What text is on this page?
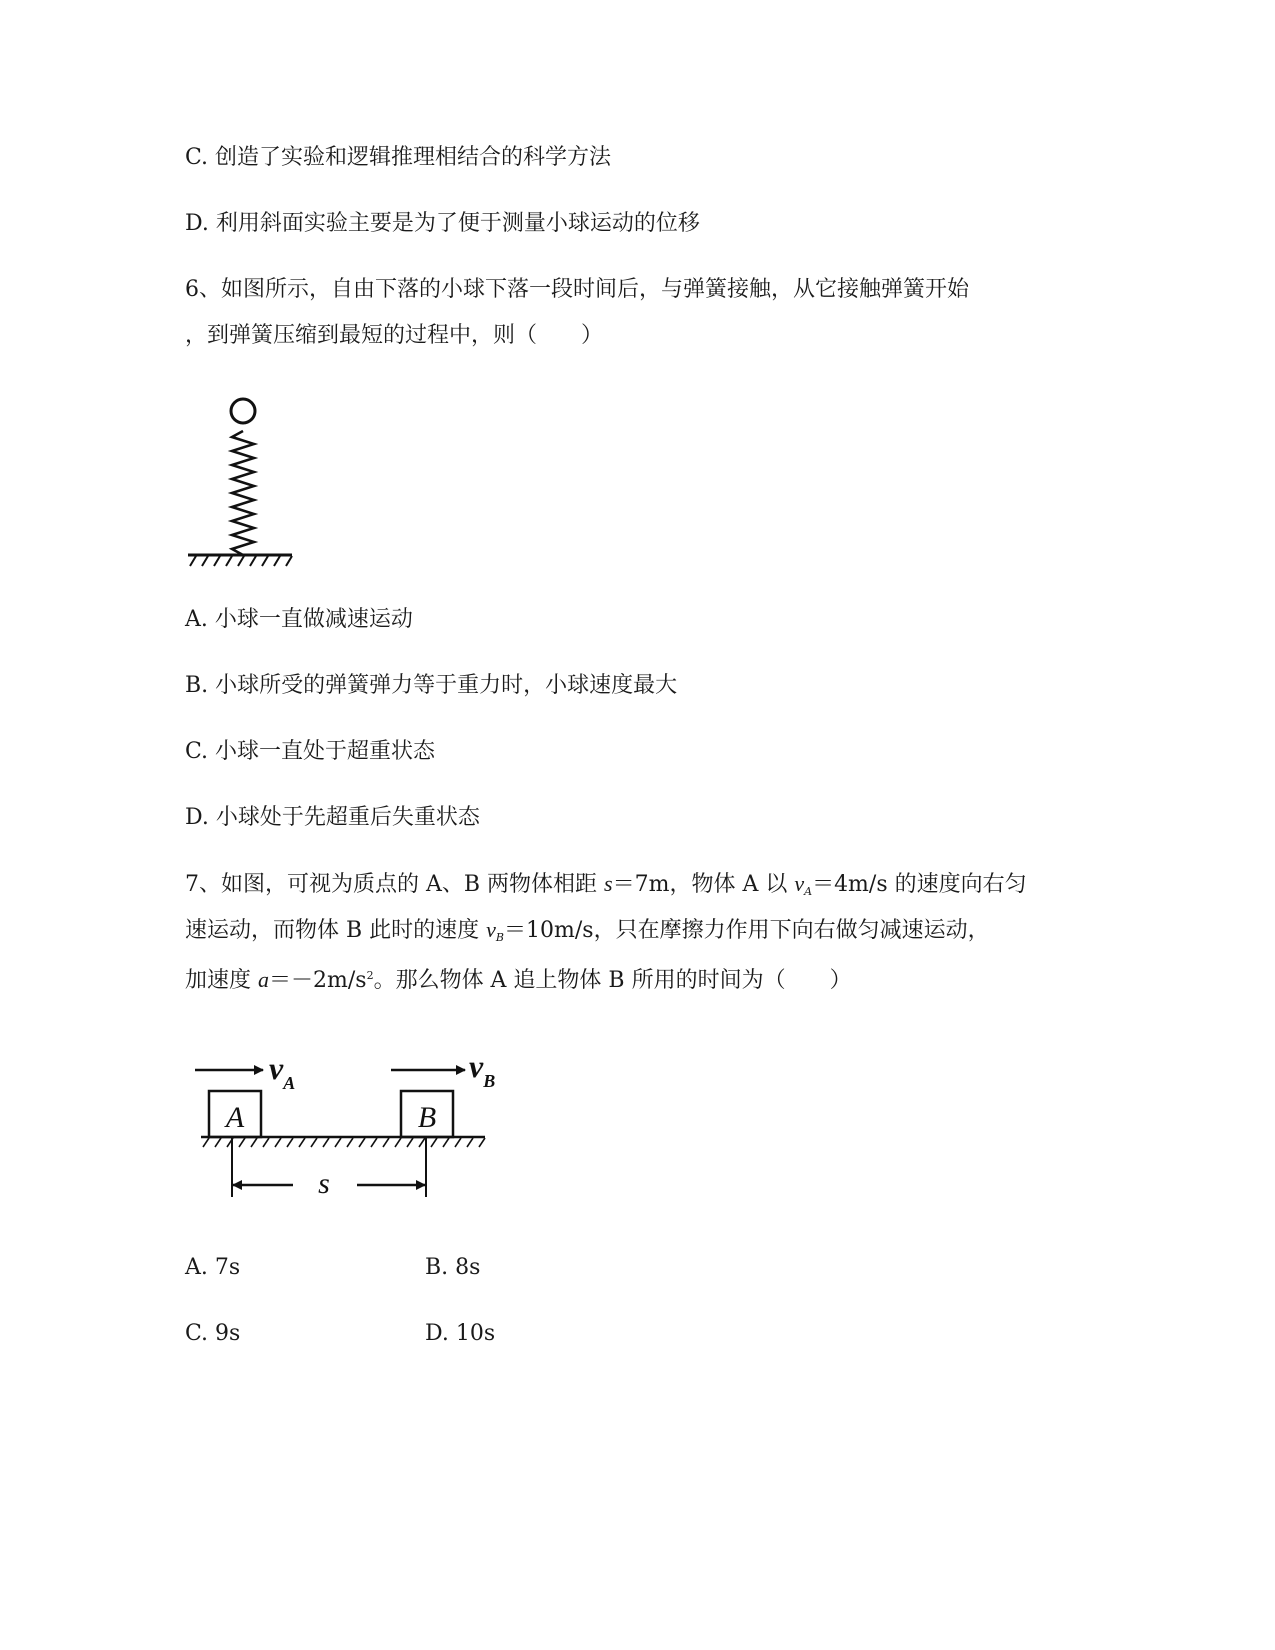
C. 创造了实验和逻辑推理相结合的科学方法
D. 利用斜面实验主要是为了便于测量小球运动的位移
6、如图所示，自由下落的小球下落一段时间后，与弹簧接触，从它接触弹簧开始
，到弹簧压缩到最短的过程中，则（　　）
A. 小球一直做减速运动
B. 小球所受的弹簧弹力等于重力时，小球速度最大
C. 小球一直处于超重状态
D. 小球处于先超重后失重状态
7、如图，可视为质点的 A、B 两物体相距 s＝7m，物体 A 以 $v_A=4m/s$ 的速度向右匀
速运动，而物体 B 此时的速度 $v_B=10m/s$，只在摩擦力作用下向右做匀减速运动，
加速度 $a=-2m/s^2$。那么物体 A 追上物体 B 所用的时间为（　　）
$v_A$	$v_B$
A	B
s
A. 7s	B. 8s
C. 9s	D. 10s
